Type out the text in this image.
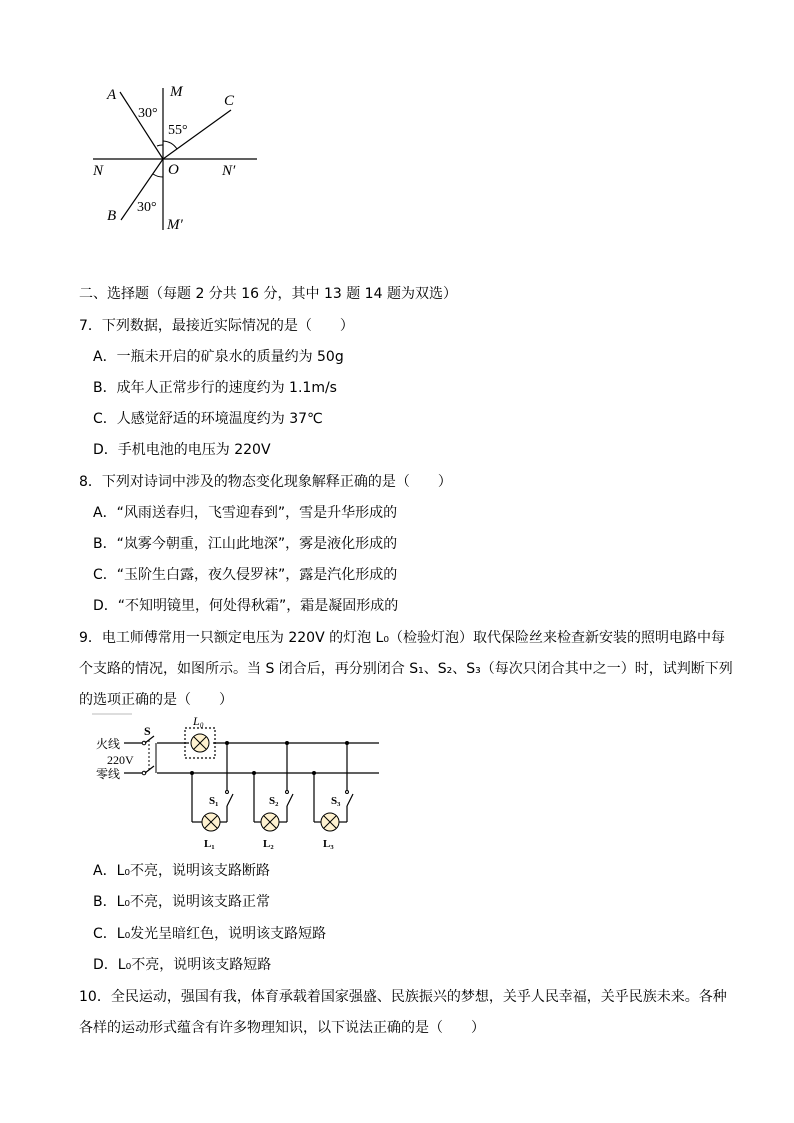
A	M
C
N	O	N′
B
M′
30°
55°
30°
二、选择题（每题 2 分共 16 分，其中 13 题 14 题为双选）
7．下列数据，最接近实际情况的是（　　）
A．一瓶未开启的矿泉水的质量约为 50g
B．成年人正常步行的速度约为 1.1m/s
C．人感觉舒适的环境温度约为 37℃
D．手机电池的电压为 220V
8．下列对诗词中涉及的物态变化现象解释正确的是（　　）
A．“风雨送春归，飞雪迎春到”，雪是升华形成的
B．“岚雾今朝重，江山此地深”，雾是液化形成的
C．“玉阶生白露，夜久侵罗袜”，露是汽化形成的
D．“不知明镜里，何处得秋霜”，霜是凝固形成的
9．电工师傅常用一只额定电压为 220V 的灯泡 L₀（检验灯泡）取代保险丝来检查新安装的照明电路中每
个支路的情况，如图所示。当 S 闭合后，再分别闭合 S₁、S₂、S₃（每次只闭合其中之一）时，试判断下列
的选项正确的是（　　）
火线
220V
零线
S
L₀
S₁	S₂	S₃
L₁	L₂	L₃
A．L₀不亮，说明该支路断路
B．L₀不亮，说明该支路正常
C．L₀发光呈暗红色，说明该支路短路
D．L₀不亮，说明该支路短路
10．全民运动，强国有我，体育承载着国家强盛、民族振兴的梦想，关乎人民幸福，关乎民族未来。各种
各样的运动形式蕴含有许多物理知识，以下说法正确的是（　　）
